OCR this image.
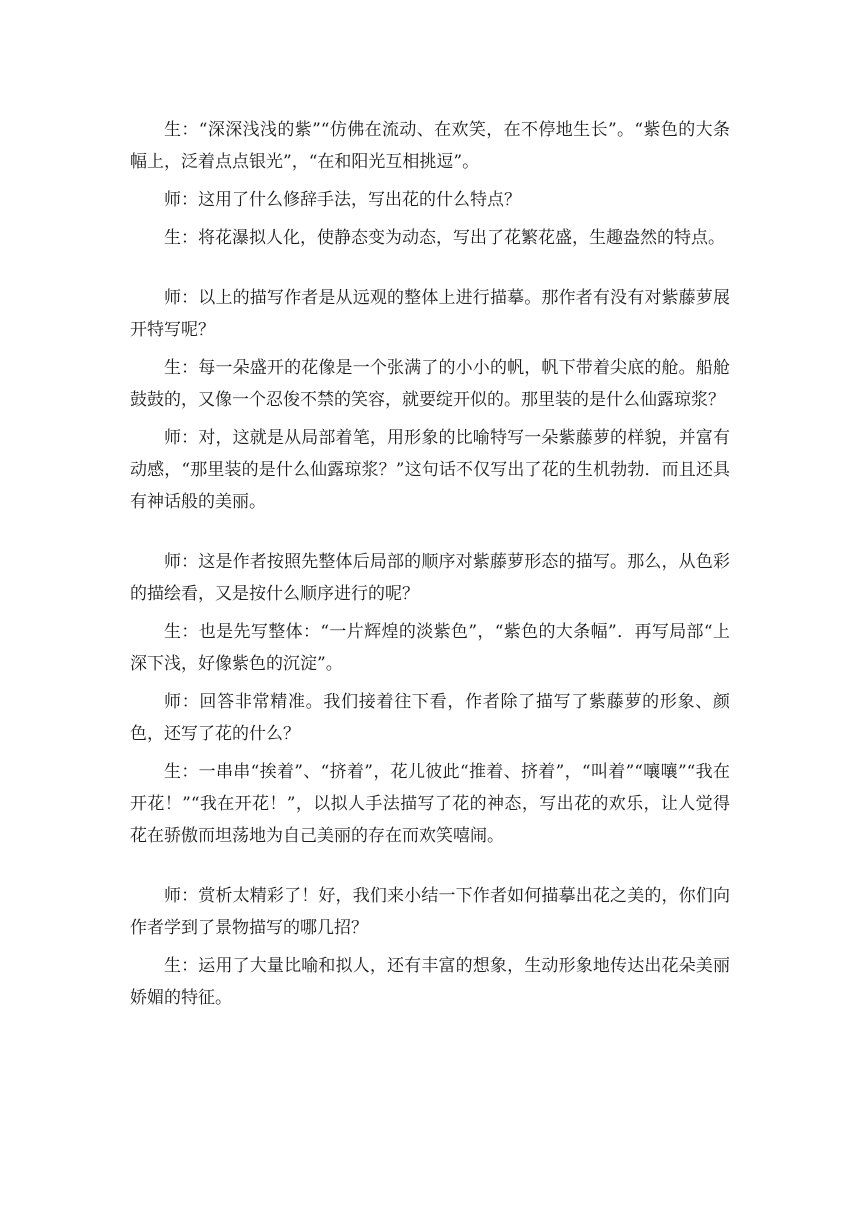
生：“深深浅浅的紫”“仿佛在流动、在欢笑，在不停地生长”。“紫色的大条幅上，泛着点点银光”，“在和阳光互相挑逗”。

师：这用了什么修辞手法，写出花的什么特点？

生：将花瀑拟人化，使静态变为动态，写出了花繁花盛，生趣盎然的特点。

师：以上的描写作者是从远观的整体上进行描摹。那作者有没有对紫藤萝展开特写呢？

生：每一朵盛开的花像是一个张满了的小小的帆，帆下带着尖底的舱。船舱鼓鼓的，又像一个忍俊不禁的笑容，就要绽开似的。那里装的是什么仙露琼浆？

师：对，这就是从局部着笔，用形象的比喻特写一朵紫藤萝的样貌，并富有动感，“那里装的是什么仙露琼浆？”这句话不仅写出了花的生机勃勃．而且还具有神话般的美丽。

师：这是作者按照先整体后局部的顺序对紫藤萝形态的描写。那么，从色彩的描绘看，又是按什么顺序进行的呢？

生：也是先写整体：“一片辉煌的淡紫色”，“紫色的大条幅”．再写局部“上深下浅，好像紫色的沉淀”。

师：回答非常精准。我们接着往下看，作者除了描写了紫藤萝的形象、颜色，还写了花的什么？

生：一串串“挨着”、“挤着”，花儿彼此“推着、挤着”，“叫着”“嚷嚷”“我在开花！”“我在开花！”，以拟人手法描写了花的神态，写出花的欢乐，让人觉得花在骄傲而坦荡地为自己美丽的存在而欢笑嘻闹。

师：赏析太精彩了！好，我们来小结一下作者如何描摹出花之美的，你们向作者学到了景物描写的哪几招？

生：运用了大量比喻和拟人，还有丰富的想象，生动形象地传达出花朵美丽娇媚的特征。
